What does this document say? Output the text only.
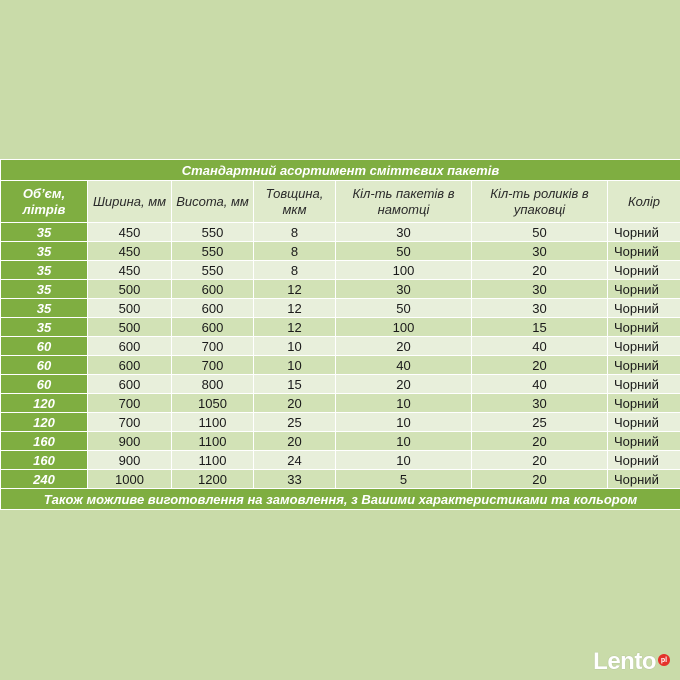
Стандартний асортимент сміттєвих пакетів						
Об’єм, літрів	Ширина, мм	Висота, мм	Товщина, мкм	Кіл-ть пакетів в намотці	Кіл-ть роликів в упаковці	Колір
35	450	550	8	30	50	Чорний
35	450	550	8	50	30	Чорний
35	450	550	8	100	20	Чорний
35	500	600	12	30	30	Чорний
35	500	600	12	50	30	Чорний
35	500	600	12	100	15	Чорний
60	600	700	10	20	40	Чорний
60	600	700	10	40	20	Чорний
60	600	800	15	20	40	Чорний
120	700	1050	20	10	30	Чорний
120	700	1100	25	10	25	Чорний
160	900	1100	20	10	20	Чорний
160	900	1100	24	10	20	Чорний
240	1000	1200	33	5	20	Чорний
Також можливе виготовлення на замовлення, з Вашими характеристиками та кольором						
Lento pl
